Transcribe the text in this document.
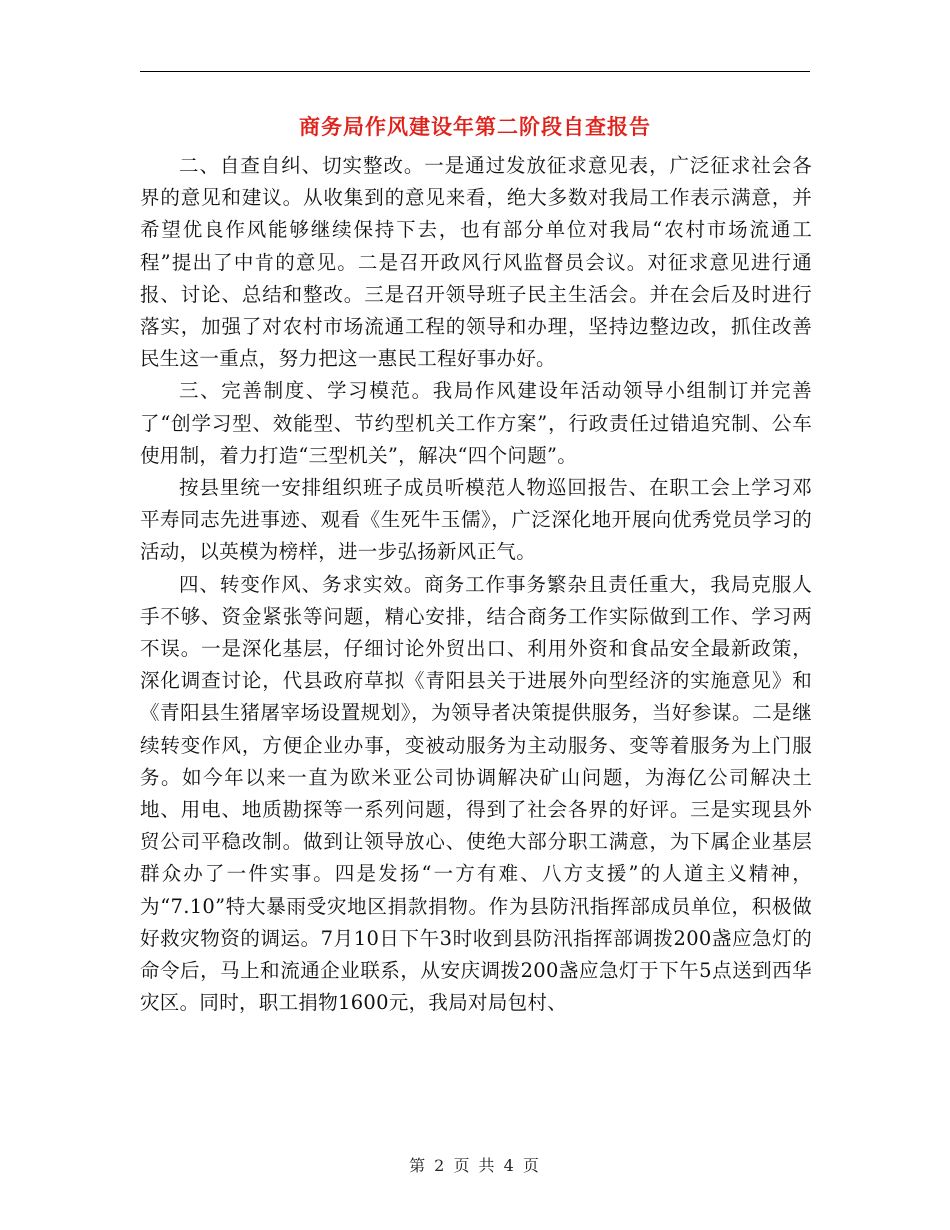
商务局作风建设年第二阶段自查报告

二、自查自纠、切实整改。一是通过发放征求意见表，广泛征求社会各界的意见和建议。从收集到的意见来看，绝大多数对我局工作表示满意，并希望优良作风能够继续保持下去，也有部分单位对我局“农村市场流通工程”提出了中肯的意见。二是召开政风行风监督员会议。对征求意见进行通报、讨论、总结和整改。三是召开领导班子民主生活会。并在会后及时进行落实，加强了对农村市场流通工程的领导和办理，坚持边整边改，抓住改善民生这一重点，努力把这一惠民工程好事办好。

三、完善制度、学习模范。我局作风建设年活动领导小组制订并完善了“创学习型、效能型、节约型机关工作方案”，行政责任过错追究制、公车使用制，着力打造“三型机关”，解决“四个问题”。

按县里统一安排组织班子成员听模范人物巡回报告、在职工会上学习邓平寿同志先进事迹、观看《生死牛玉儒》，广泛深化地开展向优秀党员学习的活动，以英模为榜样，进一步弘扬新风正气。

四、转变作风、务求实效。商务工作事务繁杂且责任重大，我局克服人手不够、资金紧张等问题，精心安排，结合商务工作实际做到工作、学习两不误。一是深化基层，仔细讨论外贸出口、利用外资和食品安全最新政策，深化调查讨论，代县政府草拟《青阳县关于进展外向型经济的实施意见》和《青阳县生猪屠宰场设置规划》，为领导者决策提供服务，当好参谋。二是继续转变作风，方便企业办事，变被动服务为主动服务、变等着服务为上门服务。如今年以来一直为欧米亚公司协调解决矿山问题，为海亿公司解决土地、用电、地质勘探等一系列问题，得到了社会各界的好评。三是实现县外贸公司平稳改制。做到让领导放心、使绝大部分职工满意，为下属企业基层群众办了一件实事。四是发扬“一方有难、八方支援”的人道主义精神，为“7.10”特大暴雨受灾地区捐款捐物。作为县防汛指挥部成员单位，积极做好救灾物资的调运。7月10日下午3时收到县防汛指挥部调拨200盏应急灯的命令后，马上和流通企业联系，从安庆调拨200盏应急灯于下午5点送到西华灾区。同时，职工捐物1600元，我局对局包村、

第 2 页 共 4 页
